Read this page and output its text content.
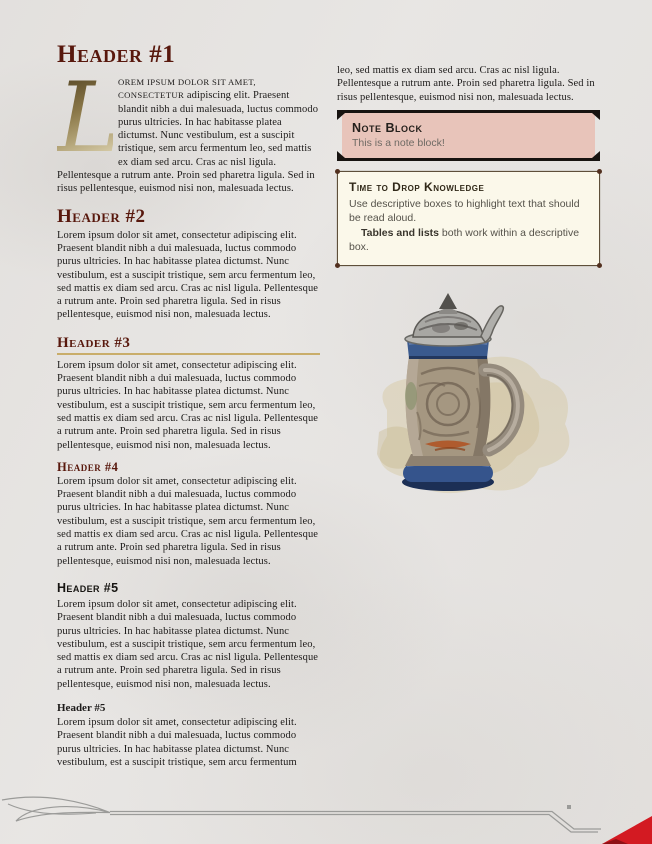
Header #1

L
OREM IPSUM DOLOR SIT AMET, CONSECTETUR adipiscing elit. Praesent blandit nibh a dui malesuada, luctus commodo purus ultricies. In hac habitasse platea dictumst. Nunc vestibulum, est a suscipit tristique, sem arcu fermentum leo, sed mattis ex diam sed arcu. Cras ac nisl ligula. Pellentesque a rutrum ante. Proin sed pharetra ligula. Sed in risus pellentesque, euismod nisi non, malesuada lectus.

Header #2

Lorem ipsum dolor sit amet, consectetur adipiscing elit. Praesent blandit nibh a dui malesuada, luctus commodo purus ultricies. In hac habitasse platea dictumst. Nunc vestibulum, est a suscipit tristique, sem arcu fermentum leo, sed mattis ex diam sed arcu. Cras ac nisl ligula. Pellentesque a rutrum ante. Proin sed pharetra ligula. Sed in risus pellentesque, euismod nisi non, malesuada lectus.

Header #3

Lorem ipsum dolor sit amet, consectetur adipiscing elit. Praesent blandit nibh a dui malesuada, luctus commodo purus ultricies. In hac habitasse platea dictumst. Nunc vestibulum, est a suscipit tristique, sem arcu fermentum leo, sed mattis ex diam sed arcu. Cras ac nisl ligula. Pellentesque a rutrum ante. Proin sed pharetra ligula. Sed in risus pellentesque, euismod nisi non, malesuada lectus.

Header #4

Lorem ipsum dolor sit amet, consectetur adipiscing elit. Praesent blandit nibh a dui malesuada, luctus commodo purus ultricies. In hac habitasse platea dictumst. Nunc vestibulum, est a suscipit tristique, sem arcu fermentum leo, sed mattis ex diam sed arcu. Cras ac nisl ligula. Pellentesque a rutrum ante. Proin sed pharetra ligula. Sed in risus pellentesque, euismod nisi non, malesuada lectus.

Header #5

Lorem ipsum dolor sit amet, consectetur adipiscing elit. Praesent blandit nibh a dui malesuada, luctus commodo purus ultricies. In hac habitasse platea dictumst. Nunc vestibulum, est a suscipit tristique, sem arcu fermentum leo, sed mattis ex diam sed arcu. Cras ac nisl ligula. Pellentesque a rutrum ante. Proin sed pharetra ligula. Sed in risus pellentesque, euismod nisi non, malesuada lectus.

Header #5

Lorem ipsum dolor sit amet, consectetur adipiscing elit. Praesent blandit nibh a dui malesuada, luctus commodo purus ultricies. In hac habitasse platea dictumst. Nunc vestibulum, est a suscipit tristique, sem arcu fermentum

leo, sed mattis ex diam sed arcu. Cras ac nisl ligula. Pellentesque a rutrum ante. Proin sed pharetra ligula. Sed in risus pellentesque, euismod nisi non, malesuada lectus.

Note Block
This is a note block!
Time to Drop Knowledge

Use descriptive boxes to highlight text that should be read aloud.

Tables and lists both work within a descriptive box.
